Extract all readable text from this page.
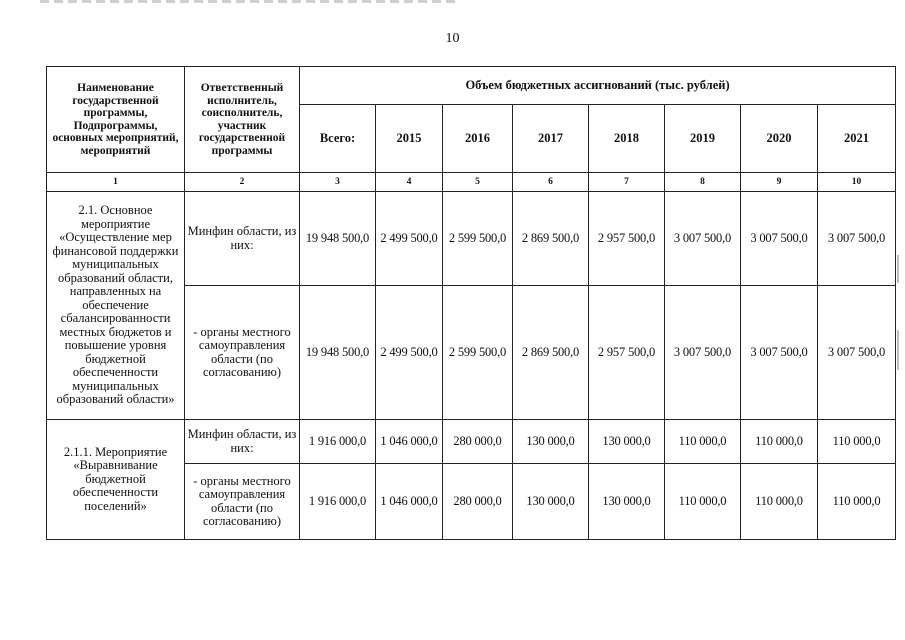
10
Наименование государственной программы, Подпрограммы, основных мероприятий, мероприятий	Ответственный исполнитель, соисполнитель, участник государственной программы	Объем бюджетных ассигнований (тыс. рублей)							
		Всего:	2015	2016	2017	2018	2019	2020	2021
1	2	3	4	5	6	7	8	9	10
2.1. Основное мероприятие «Осуществление мер финансовой поддержки муниципальных образований области, направленных на обеспечение сбалансированности местных бюджетов и повышение уровня бюджетной обеспеченности муниципальных образований области»	Минфин области, из них:	19 948 500,0	2 499 500,0	2 599 500,0	2 869 500,0	2 957 500,0	3 007 500,0	3 007 500,0	3 007 500,0
	- органы местного самоуправления области (по согласованию)	19 948 500,0	2 499 500,0	2 599 500,0	2 869 500,0	2 957 500,0	3 007 500,0	3 007 500,0	3 007 500,0
2.1.1. Мероприятие «Выравнивание бюджетной обеспеченности поселений»	Минфин области, из них:	1 916 000,0	1 046 000,0	280 000,0	130 000,0	130 000,0	110 000,0	110 000,0	110 000,0
	- органы местного самоуправления области (по согласованию)	1 916 000,0	1 046 000,0	280 000,0	130 000,0	130 000,0	110 000,0	110 000,0	110 000,0
